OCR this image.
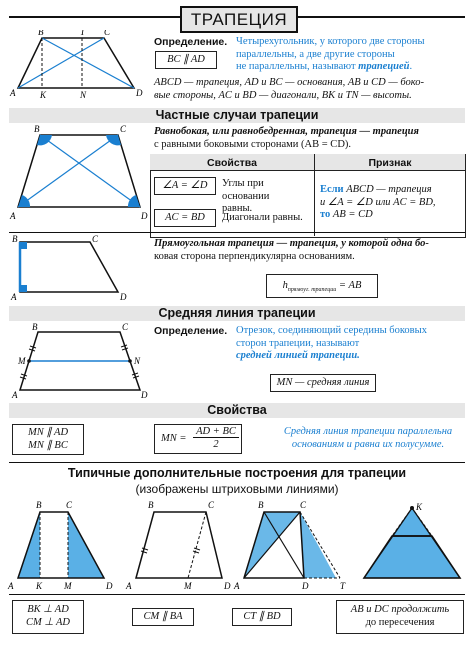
ТРАПЕЦИЯ
A
B	C
D
K	N
T
Определение. Четырехугольник, у которого две стороны
параллельны, а две другие стороны
не параллельны, называют трапецией.
BC ∥ AD
ABCD — трапеция, AD и BC — основания, AB и CD — боко-
вые стороны, AC и BD — диагонали, BK и TN — высоты.
Частные случаи трапеции
A
B	C
D
Равнобокая, или равнобедренная, трапеция — трапеция
с равными боковыми сторонами (AB = CD).
Свойства	Признак
∠A = ∠D	Углы при основании
равны.
AC = BD	Диагонали равны.
Если ABCD — трапеция
и ∠A = ∠D или AC = BD,
то AB = CD
A
B	C
D
Прямоугольная трапеция — трапеция, у которой одна бо-
ковая сторона перпендикулярна основаниям.
$h_{прямоуг. трапеции}$ = AB
Средняя линия трапеции
A
B	C
D
M	N
Определение. Отрезок, соединяющий середины боковых
сторон трапеции, называют
средней линией трапеции.
MN — средняя линия
Свойства
MN ∥ AD
MN ∥ BC
MN =
AD + BC
2
Средняя линия трапеции параллельна
основаниям и равна их полусумме.
Типичные дополнительные построения для трапеции
(изображены штриховыми линиями)
A
B	C
D
K M	A
B	C
D
M	A
B	C
D	T
K
BK ⊥ AD
CM ⊥ AD
CM ∥ BA	CT ∥ BD
AB и DC продолжить
до пересечения
